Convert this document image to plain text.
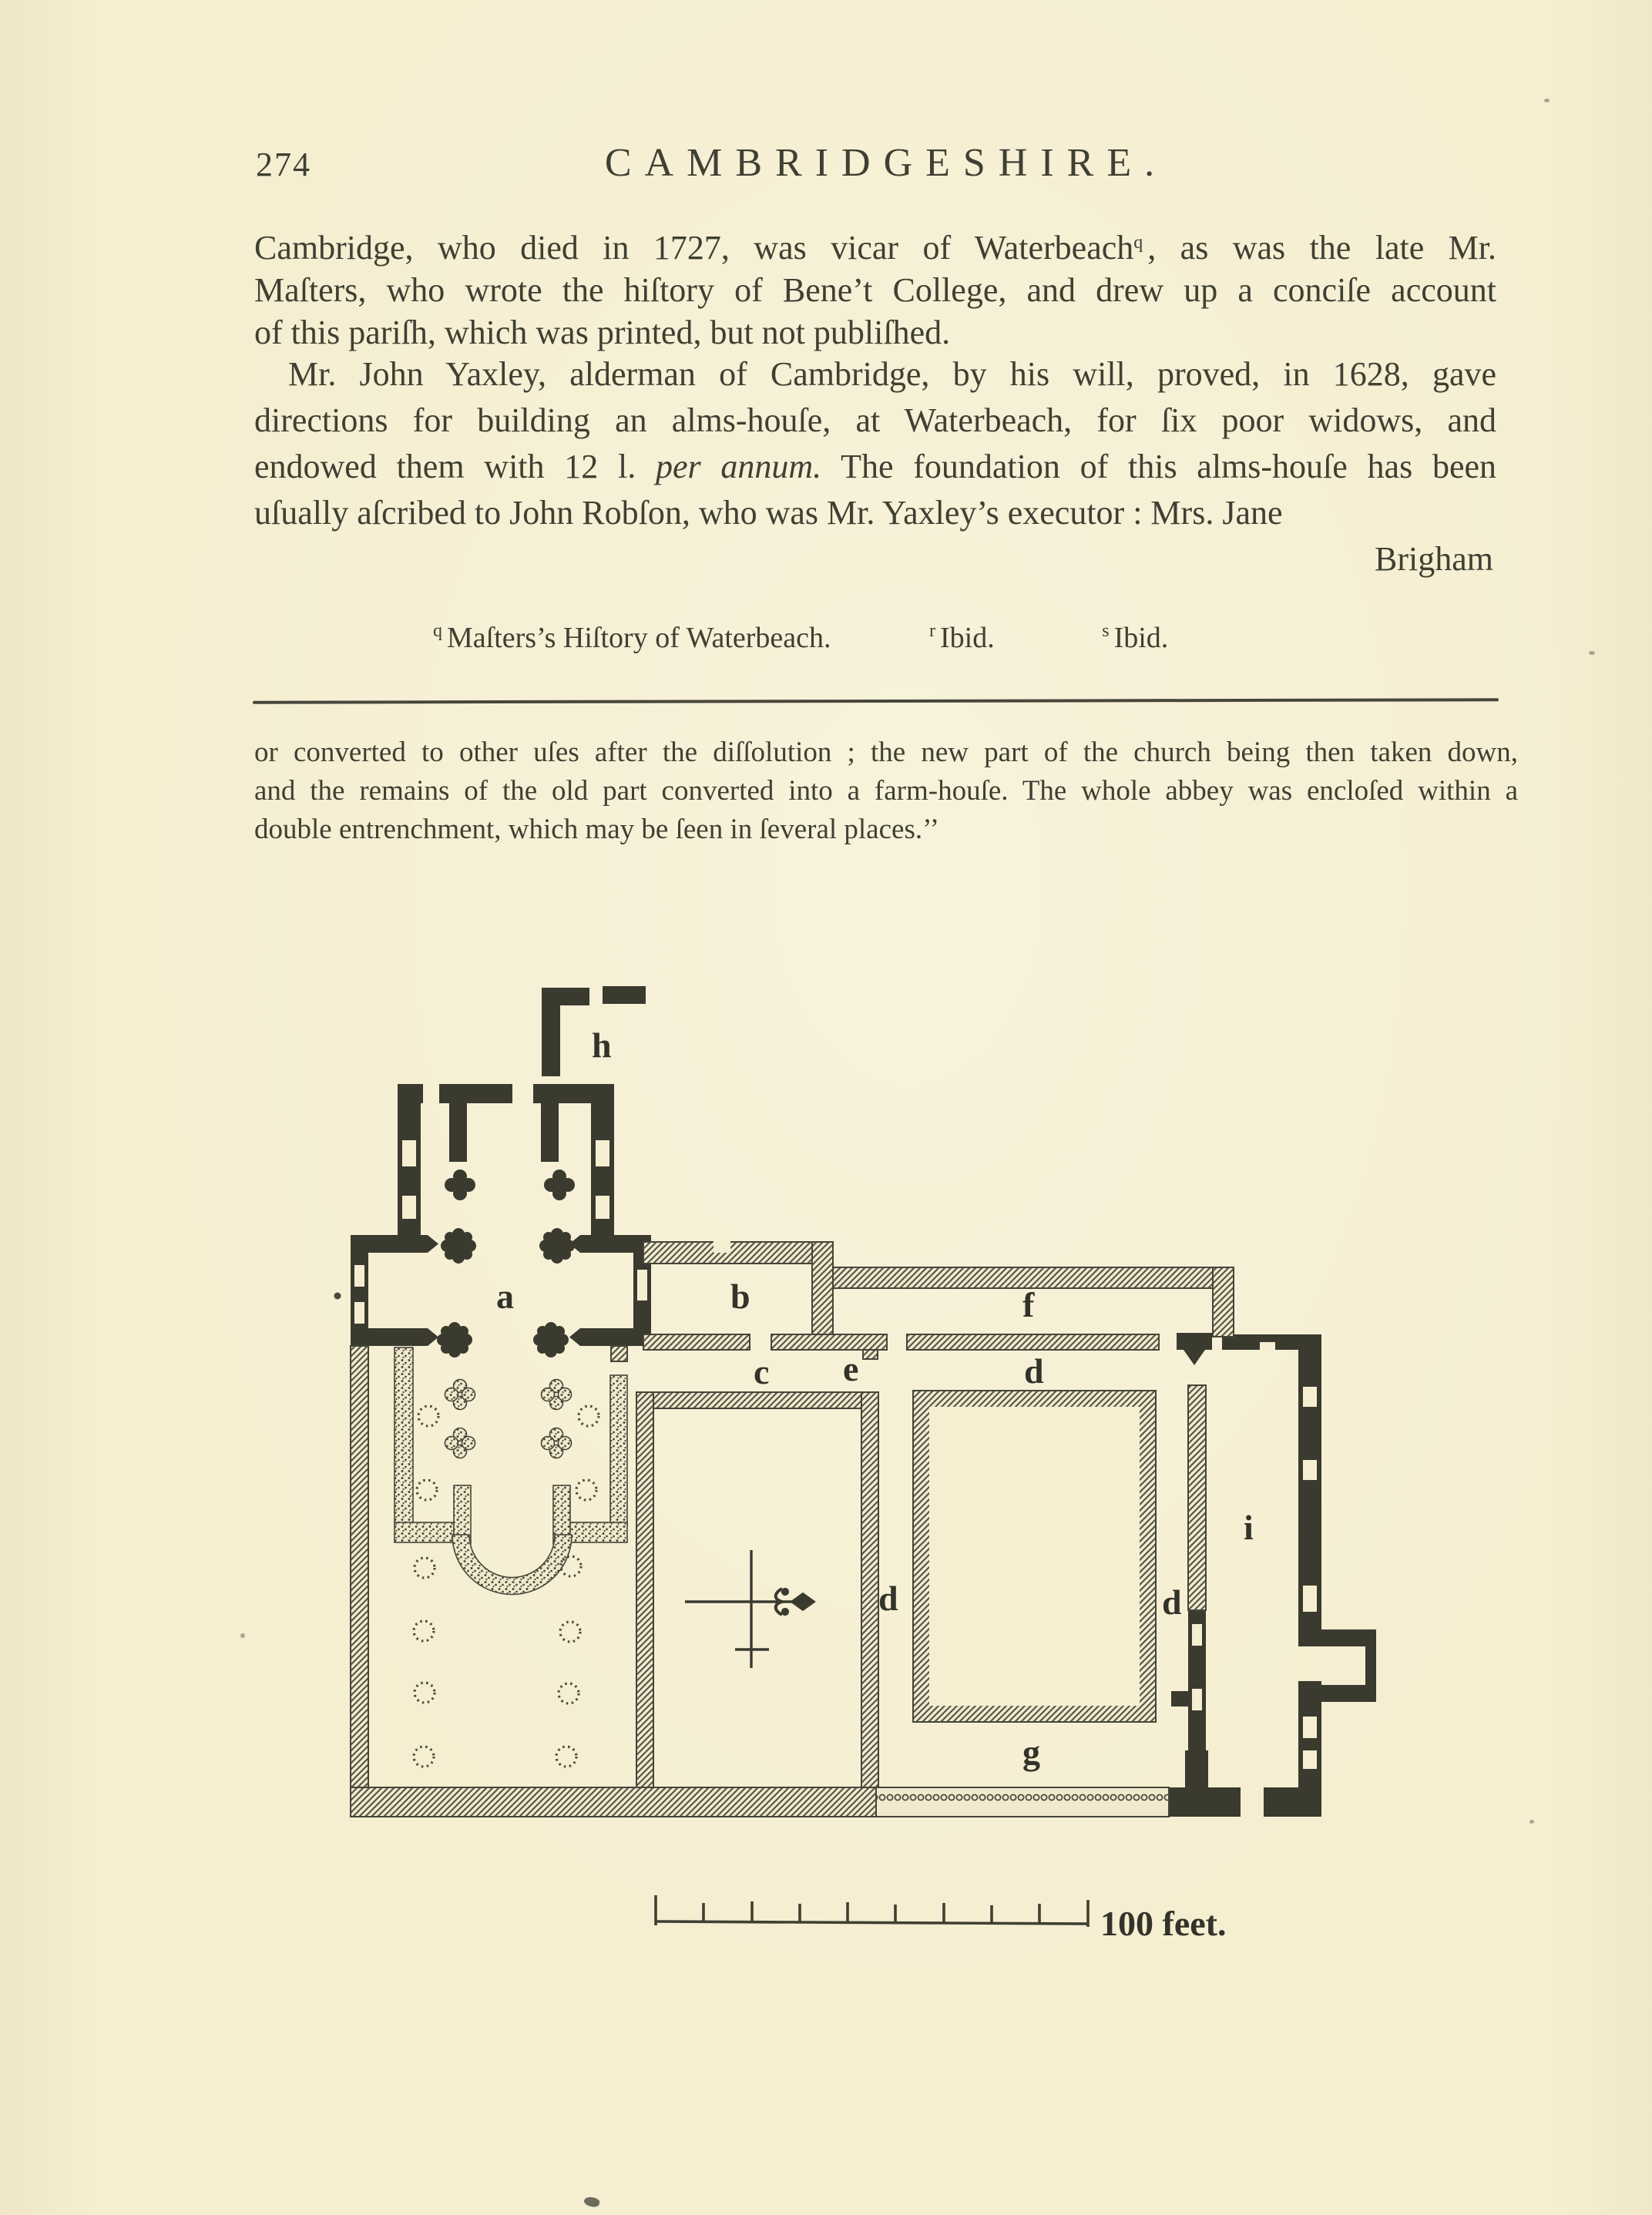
274	CAMBRIDGESHIRE.
Cambridge, who died in 1727, was vicar of Waterbeach$^q$ , as was the late Mr.
Maſters, who wrote the hiſtory of Bene’t College, and drew up a conciſe account
of this pariſh, which was printed, but not publiſhed.
Mr. John Yaxley, alderman of Cambridge, by his will, proved, in 1628, gave
directions for building an alms-houſe, at Waterbeach, for ſix poor widows, and
endowed them with 12 l. per annum. The foundation of this alms-houſe has been
uſually aſcribed to John Robſon, who was Mr. Yaxley’s executor : Mrs. Jane
Brigham
$^q$ Maſters’s Hiſtory of Waterbeach.	$^r$ Ibid.	$^s$ Ibid.
or converted to other uſes after the diſſolution ; the new part of the church being then taken down,
and the remains of the old part converted into a farm-houſe. The whole abbey was encloſed within a
double entrenchment, which may be ſeen in ſeveral places.’’
a	b
c e	d
f
d	d
g
h
i
100 feet.
